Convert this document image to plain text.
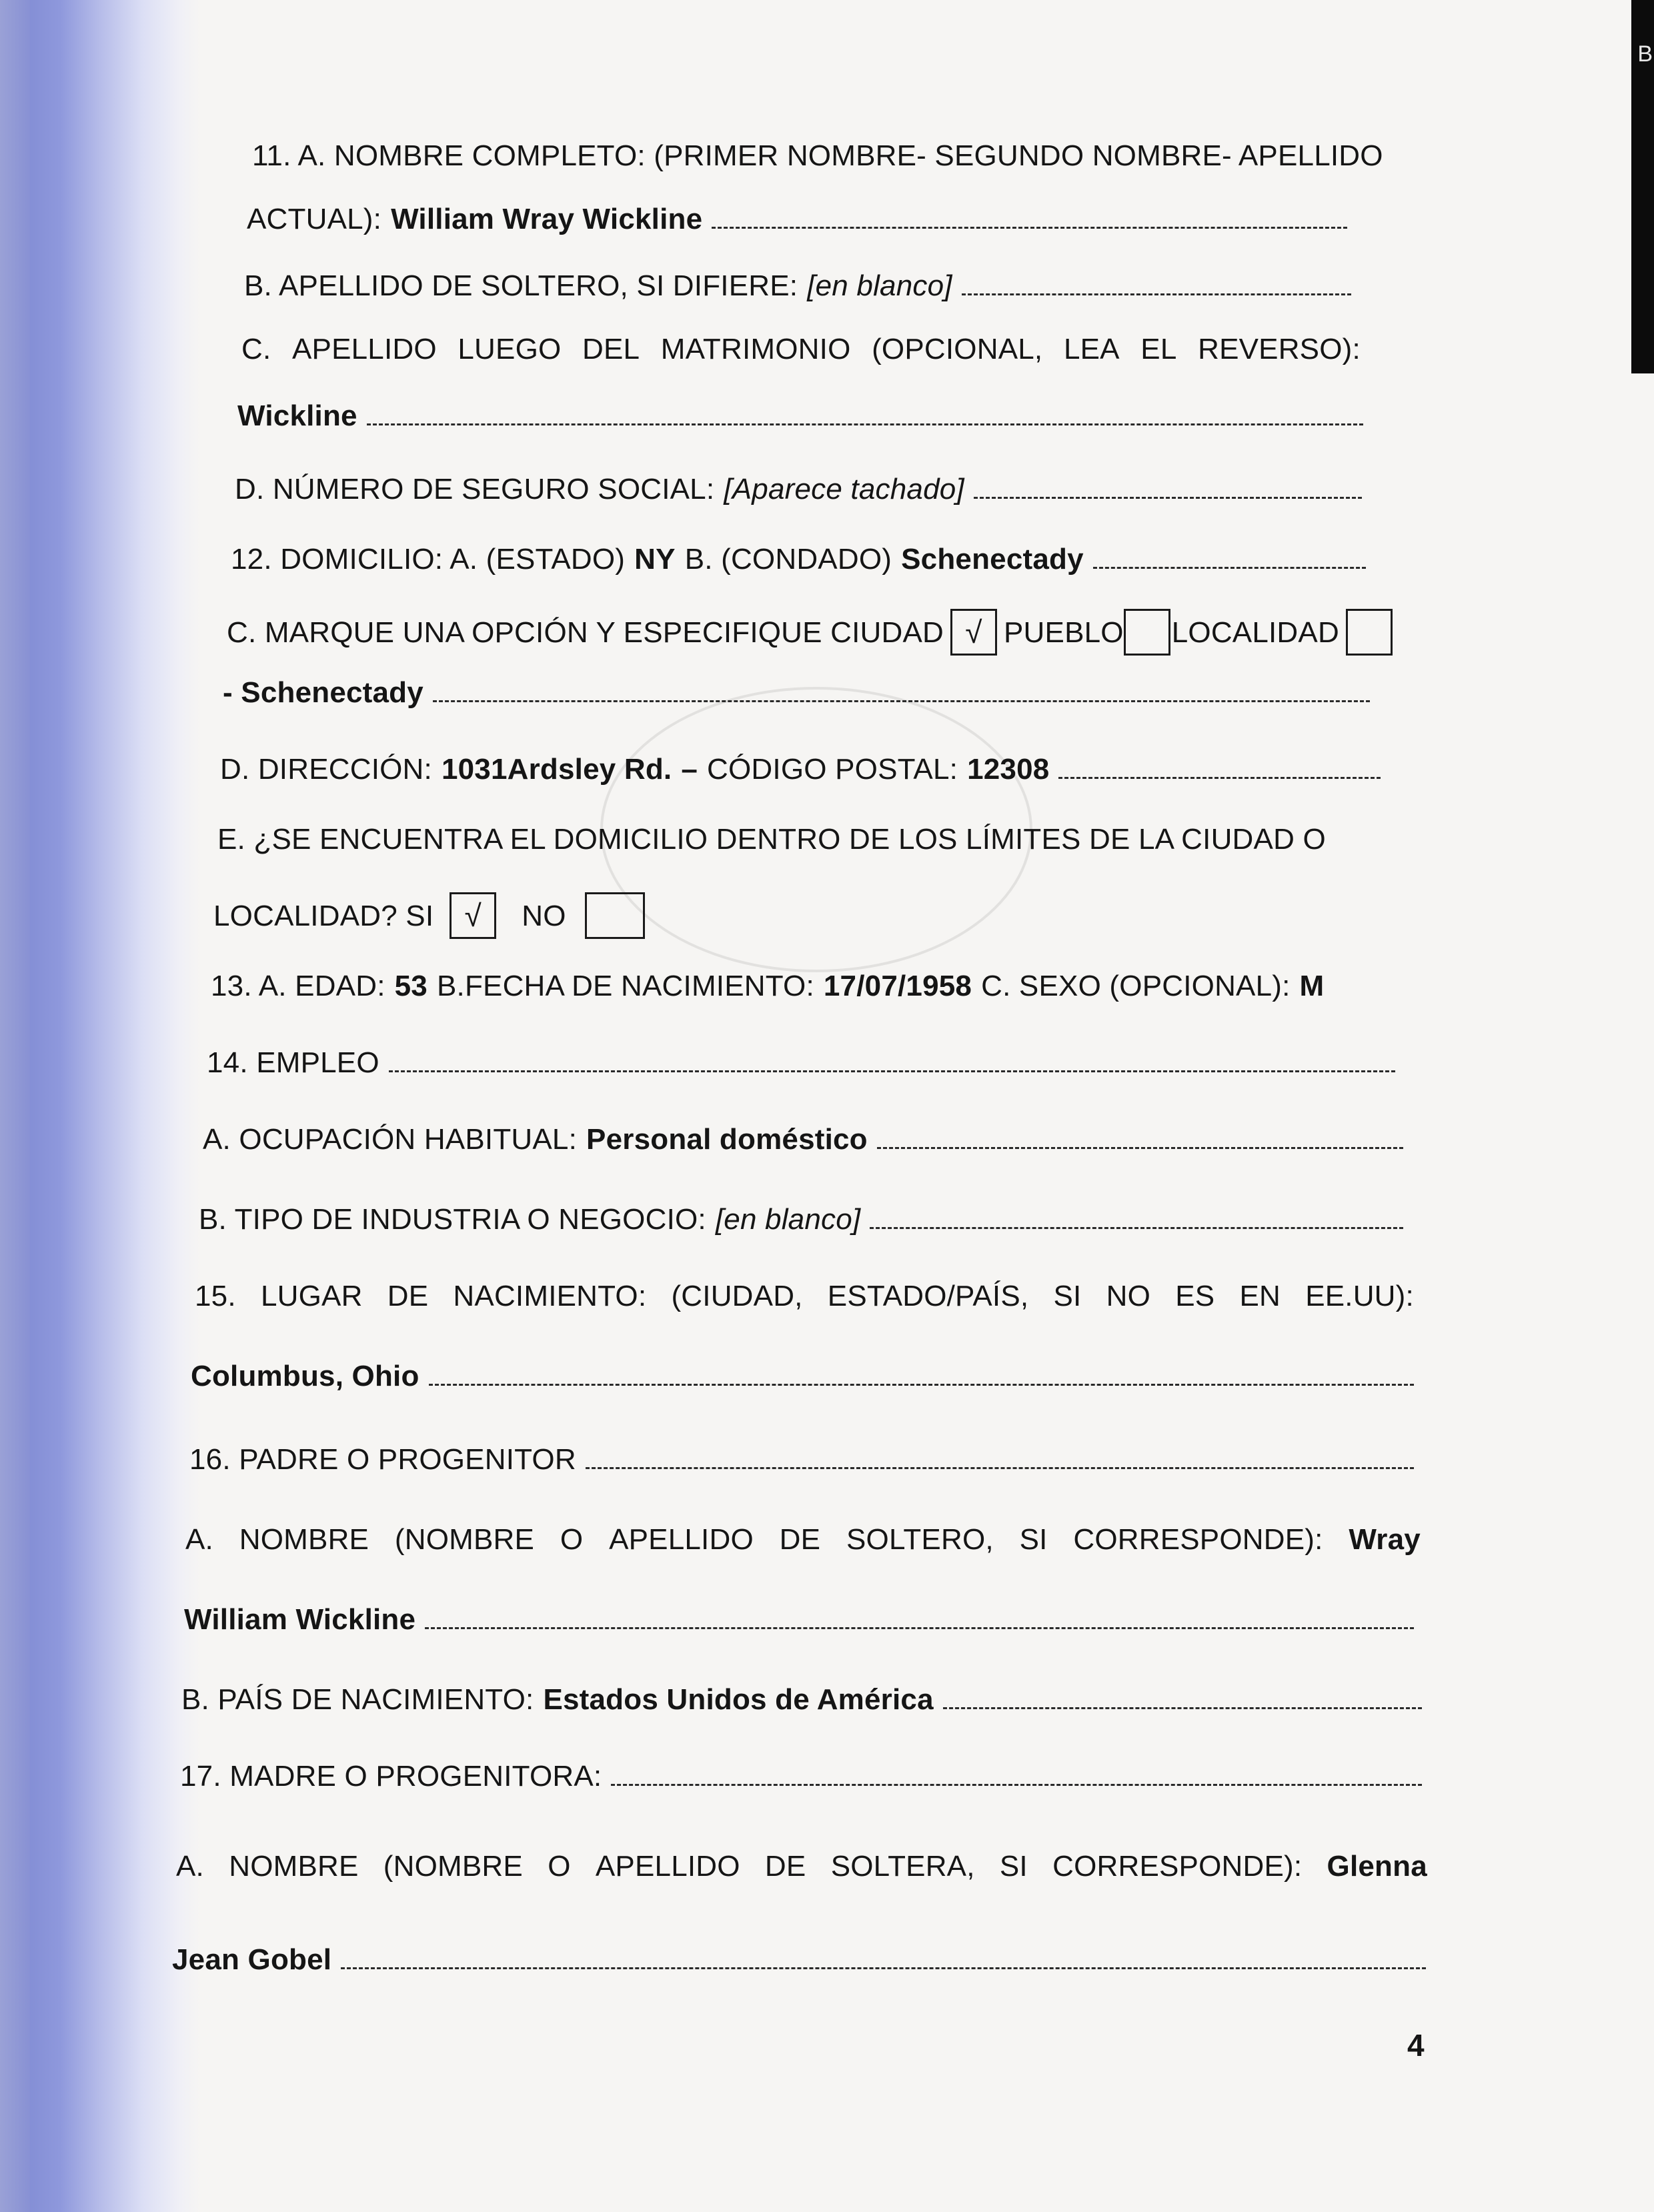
B
11. A. NOMBRE COMPLETO: (PRIMER NOMBRE- SEGUNDO NOMBRE- APELLIDO
ACTUAL): William Wray Wickline
B. APELLIDO DE SOLTERO, SI DIFIERE: [en blanco]
C. APELLIDO LUEGO DEL MATRIMONIO (OPCIONAL, LEA EL REVERSO):
Wickline
D. NÚMERO DE SEGURO SOCIAL: [Aparece tachado]
12. DOMICILIO: A. (ESTADO) NY B. (CONDADO) Schenectady
C. MARQUE UNA OPCIÓN Y ESPECIFIQUE CIUDAD √ PUEBLO LOCALIDAD
- Schenectady
D. DIRECCIÓN: 1031Ardsley Rd. – CÓDIGO POSTAL: 12308
E. ¿SE ENCUENTRA EL DOMICILIO DENTRO DE LOS LÍMITES DE LA CIUDAD O
LOCALIDAD? SI	√	NO
13. A. EDAD: 53 B.FECHA DE NACIMIENTO: 17/07/1958 C. SEXO (OPCIONAL): M
14. EMPLEO
A. OCUPACIÓN HABITUAL: Personal doméstico
B. TIPO DE INDUSTRIA O NEGOCIO: [en blanco]
15. LUGAR DE NACIMIENTO: (CIUDAD, ESTADO/PAÍS, SI NO ES EN EE.UU):
Columbus, Ohio
16. PADRE O PROGENITOR
A. NOMBRE (NOMBRE O APELLIDO DE SOLTERO, SI CORRESPONDE): Wray
William Wickline
B. PAÍS DE NACIMIENTO: Estados Unidos de América
17. MADRE O PROGENITORA:
A. NOMBRE (NOMBRE O APELLIDO DE SOLTERA, SI CORRESPONDE): Glenna
Jean Gobel
4
